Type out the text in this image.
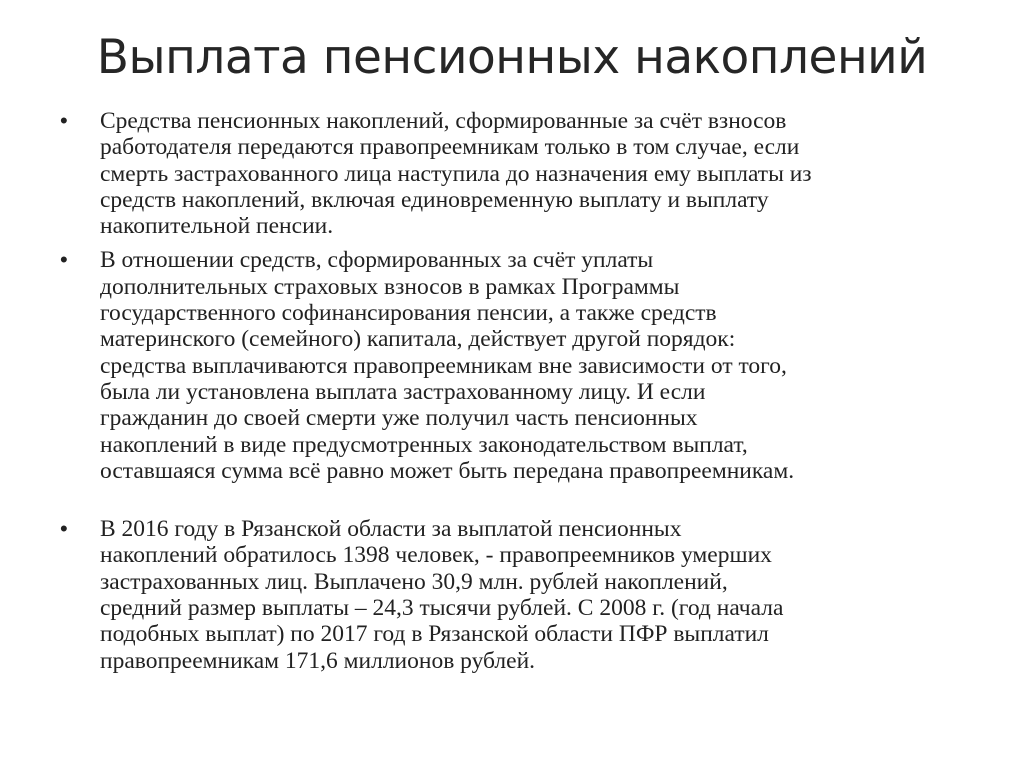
Выплата пенсионных накоплений
• Средства пенсионных накоплений, сформированные за счёт взносов
работодателя передаются правопреемникам только в том случае, если
смерть застрахованного лица наступила до назначения ему выплаты из
средств накоплений, включая единовременную выплату и выплату
накопительной пенсии.
• В отношении средств, сформированных за счёт уплаты
дополнительных страховых взносов в рамках Программы
государственного софинансирования пенсии, а также средств
материнского (семейного) капитала, действует другой порядок:
средства выплачиваются правопреемникам вне зависимости от того,
была ли установлена выплата застрахованному лицу. И если
гражданин до своей смерти уже получил часть пенсионных
накоплений в виде предусмотренных законодательством выплат,
оставшаяся сумма всё равно может быть передана правопреемникам.
• В 2016 году в Рязанской области за выплатой пенсионных
накоплений обратилось 1398 человек, - правопреемников умерших
застрахованных лиц. Выплачено 30,9 млн. рублей накоплений,
средний размер выплаты – 24,3 тысячи рублей. С 2008 г. (год начала
подобных выплат) по 2017 год в Рязанской области ПФР выплатил
правопреемникам 171,6 миллионов рублей.
